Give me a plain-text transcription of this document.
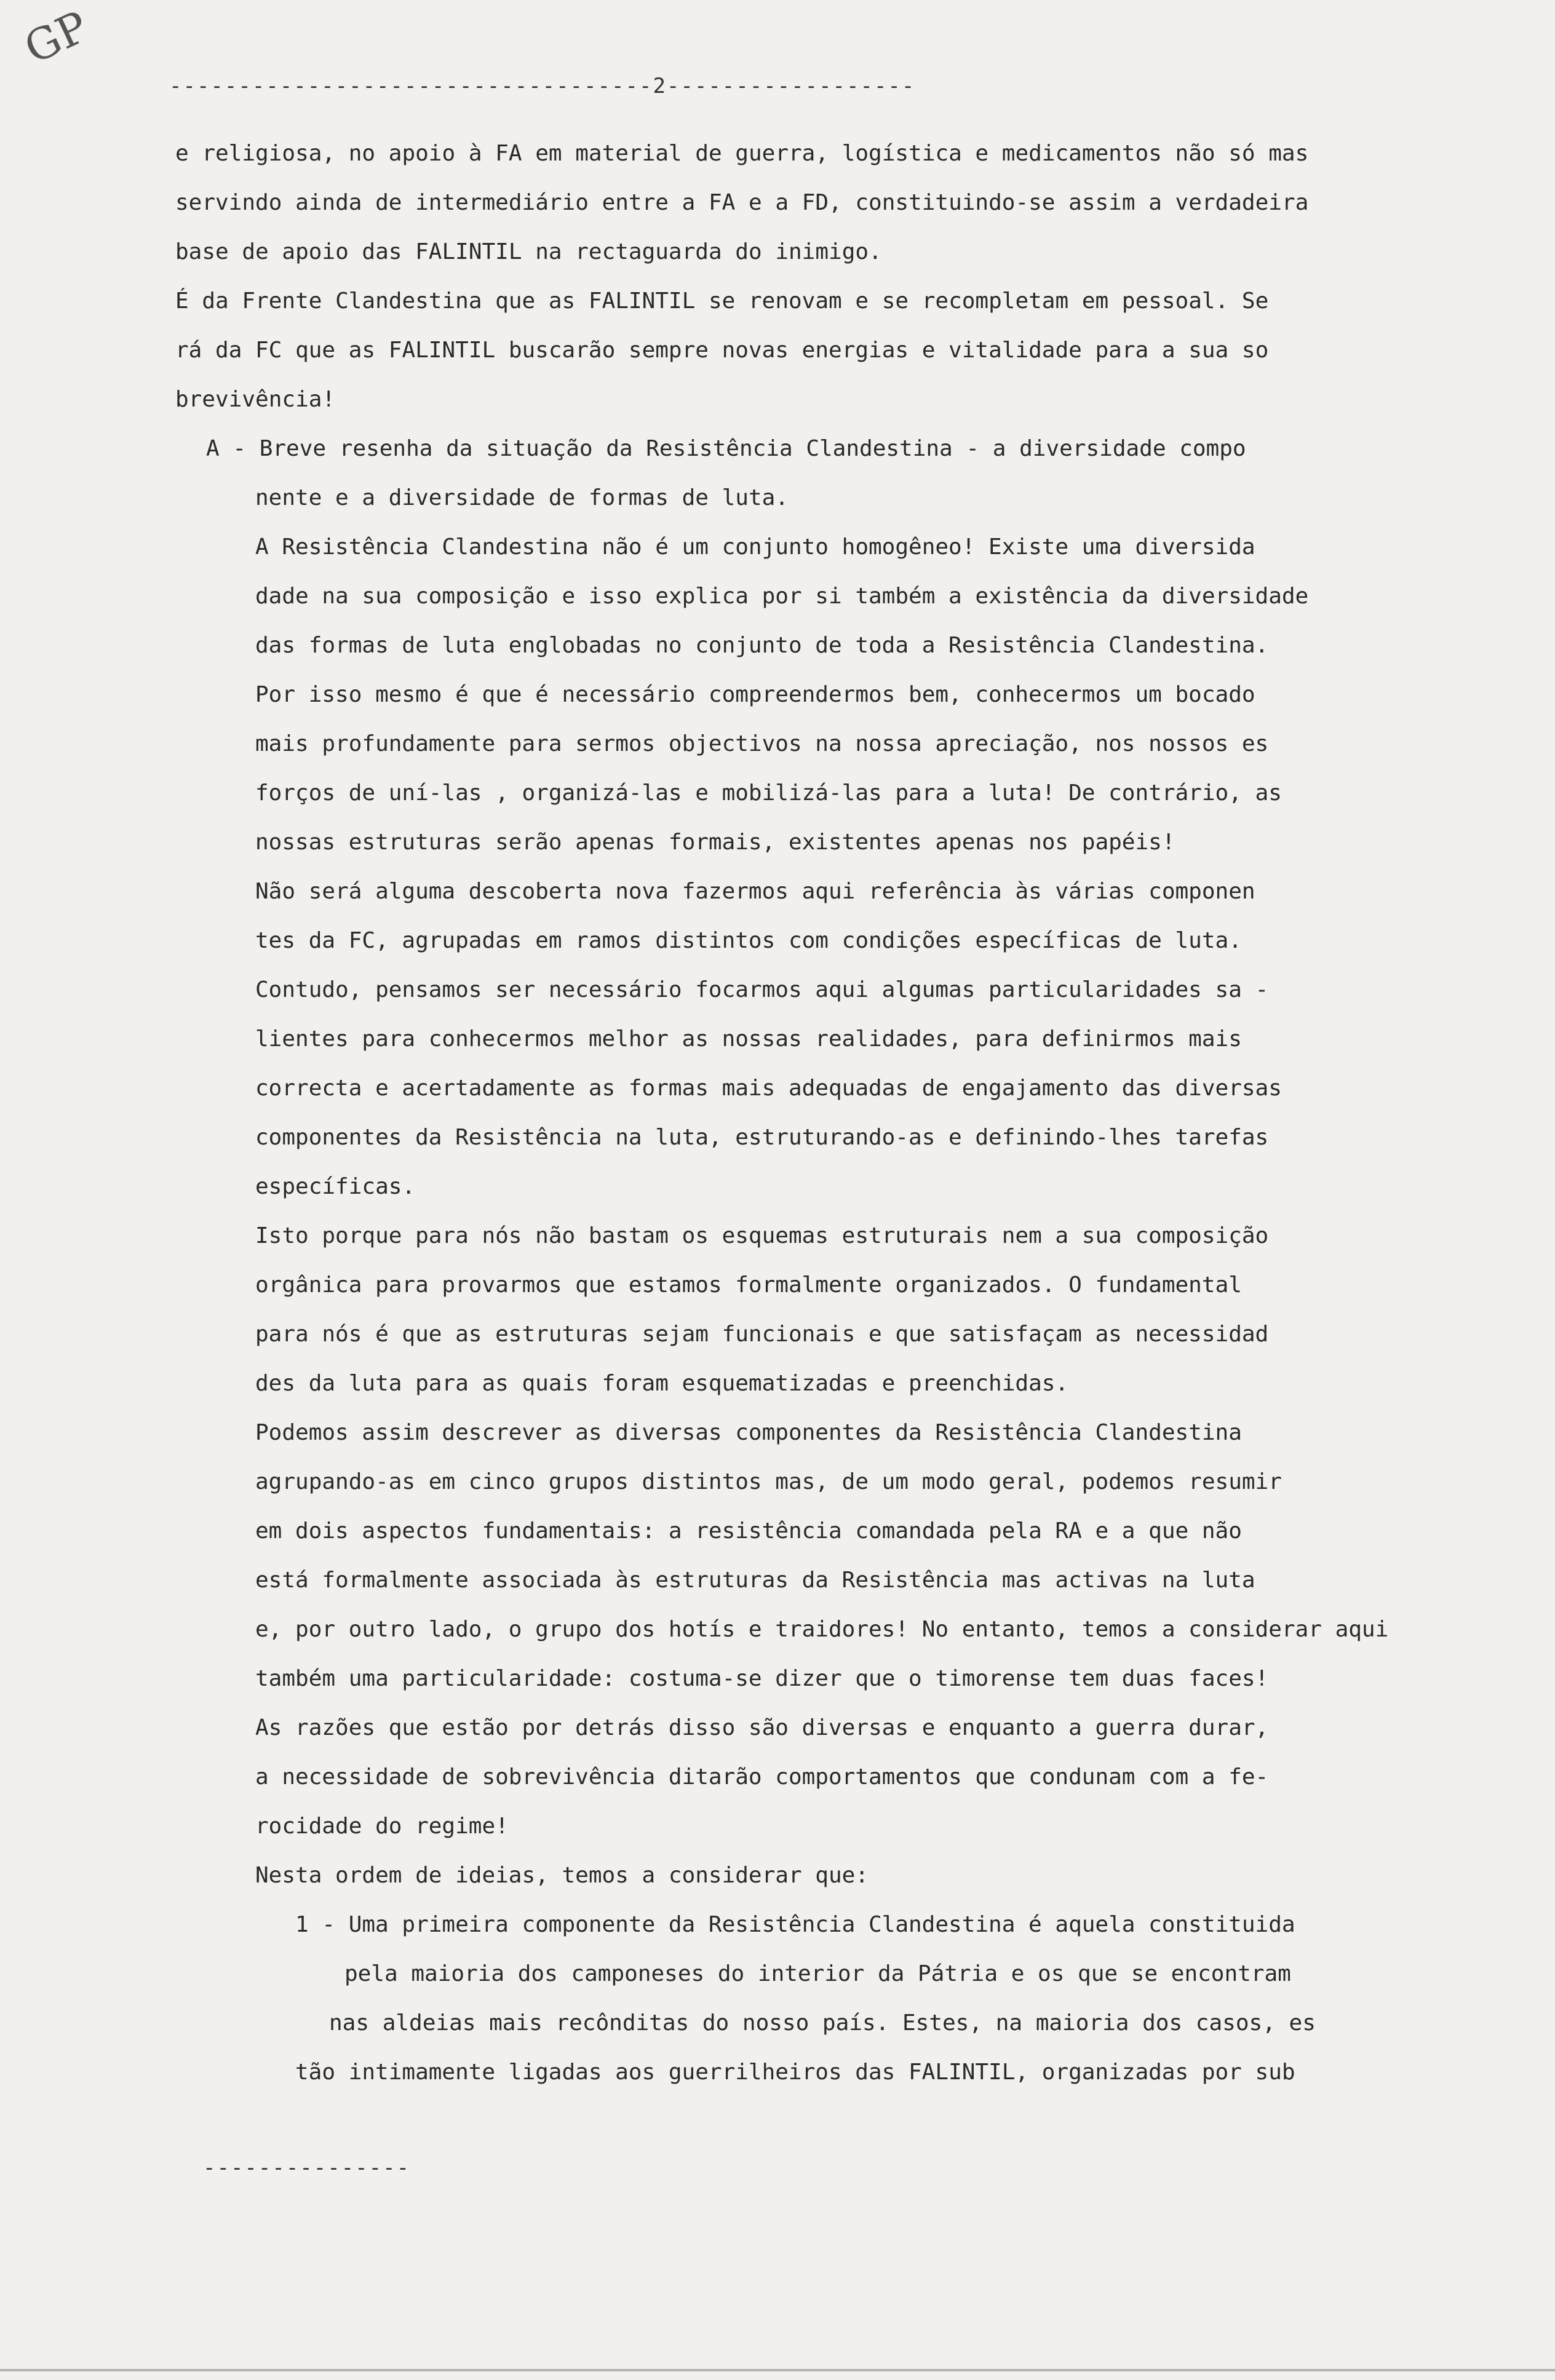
GP
-----------------------------------2------------------
e religiosa, no apoio à FA em material de guerra, logística e medicamentos não só mas
servindo ainda de intermediário entre a FA e a FD, constituindo-se assim a verdadeira
base de apoio das FALINTIL na rectaguarda do inimigo.
É da Frente Clandestina que as FALINTIL se renovam e se recompletam em pessoal. Se
rá da FC que as FALINTIL buscarão sempre novas energias e vitalidade para a sua so
brevivência!
A - Breve resenha da situação da Resistência Clandestina - a diversidade compo
nente e a diversidade de formas de luta.
A Resistência Clandestina não é um conjunto homogêneo! Existe uma diversida
dade na sua composição e isso explica por si também a existência da diversidade
das formas de luta englobadas no conjunto de toda a Resistência Clandestina.
Por isso mesmo é que é necessário compreendermos bem, conhecermos um bocado
mais profundamente para sermos objectivos na nossa apreciação, nos nossos es
forços de uní-las , organizá-las e mobilizá-las para a luta! De contrário, as
nossas estruturas serão apenas formais, existentes apenas nos papéis!
Não será alguma descoberta nova fazermos aqui referência às várias componen
tes da FC, agrupadas em ramos distintos com condições específicas de luta.
Contudo, pensamos ser necessário focarmos aqui algumas particularidades sa -
lientes para conhecermos melhor as nossas realidades, para definirmos mais
correcta e acertadamente as formas mais adequadas de engajamento das diversas
componentes da Resistência na luta, estruturando-as e definindo-lhes tarefas
específicas.
Isto porque para nós não bastam os esquemas estruturais nem a sua composição
orgânica para provarmos que estamos formalmente organizados. O fundamental
para nós é que as estruturas sejam funcionais e que satisfaçam as necessidad
des da luta para as quais foram esquematizadas e preenchidas.
Podemos assim descrever as diversas componentes da Resistência Clandestina
agrupando-as em cinco grupos distintos mas, de um modo geral, podemos resumir
em dois aspectos fundamentais: a resistência comandada pela RA e a que não
está formalmente associada às estruturas da Resistência mas activas na luta
e, por outro lado, o grupo dos hotís e traidores! No entanto, temos a considerar aqui
também uma particularidade: costuma-se dizer que o timorense tem duas faces!
As razões que estão por detrás disso são diversas e enquanto a guerra durar,
a necessidade de sobrevivência ditarão comportamentos que condunam com a fe-
rocidade do regime!
Nesta ordem de ideias, temos a considerar que:
1 - Uma primeira componente da Resistência Clandestina é aquela constituida
pela maioria dos camponeses do interior da Pátria e os que se encontram
nas aldeias mais recônditas do nosso país. Estes, na maioria dos casos, es
tão intimamente ligadas aos guerrilheiros das FALINTIL, organizadas por sub
---------------
